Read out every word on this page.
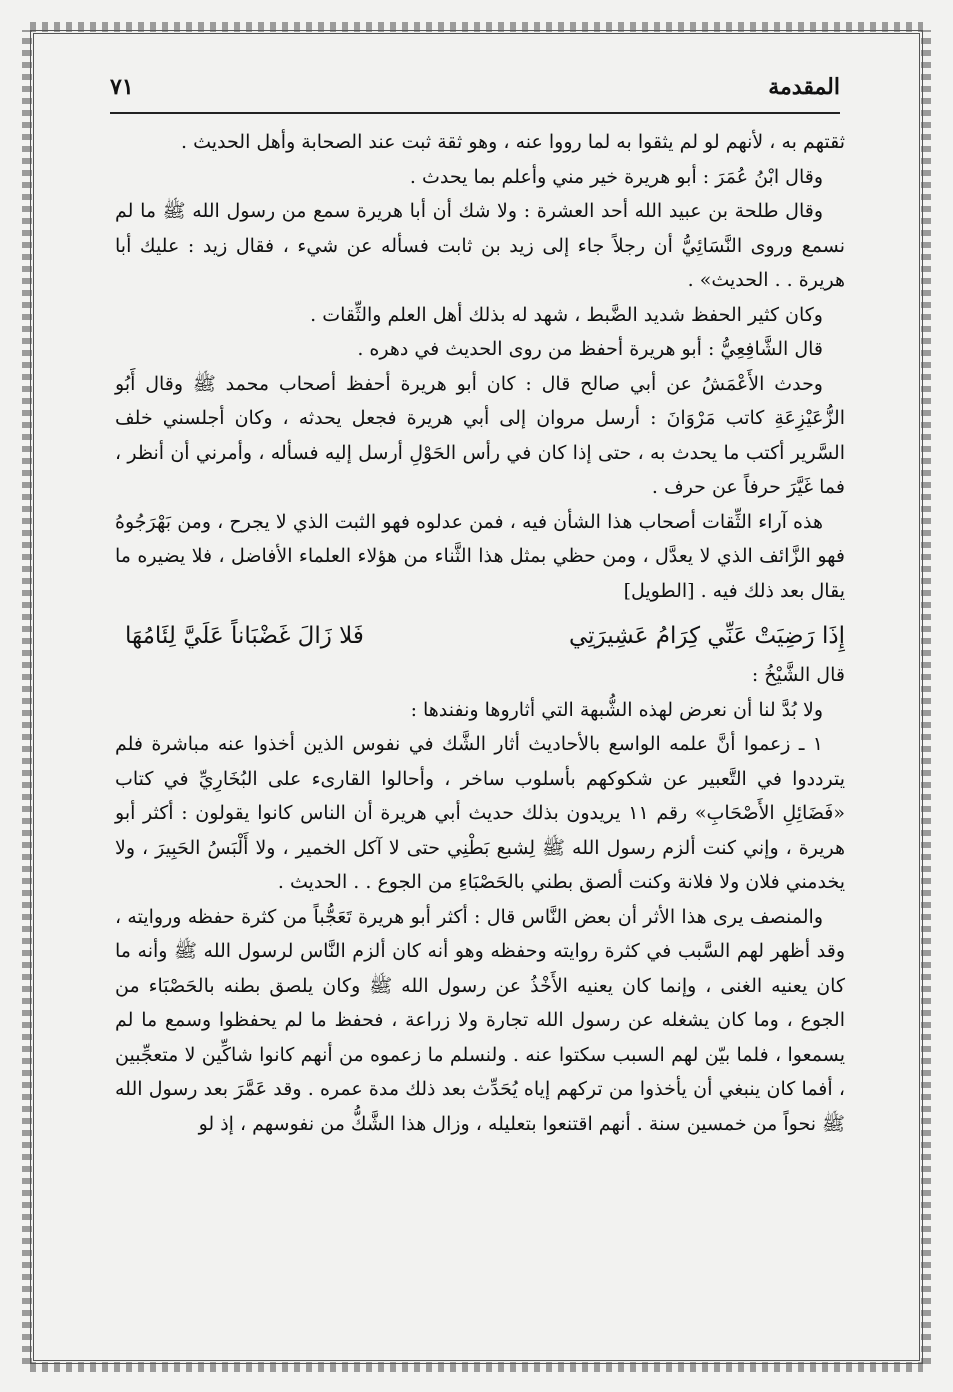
المقدمة
٧١

ثقتهم به ، لأنهم لو لم يثقوا به لما رووا عنه ، وهو ثقة ثبت عند الصحابة وأهل الحديث .

وقال ابْنُ عُمَرَ : أبو هريرة خير مني وأعلم بما يحدث .

وقال طلحة بن عبيد الله أحد العشرة : ولا شك أن أبا هريرة سمع من رسول الله ﷺ ما لم نسمع وروى النَّسَائِيُّ أن رجلاً جاء إلى زيد بن ثابت فسأله عن شيء ، فقال زيد : عليك أبا هريرة . . الحديث» .

وكان كثير الحفظ شديد الضَّبط ، شهد له بذلك أهل العلم والثِّقات .

قال الشَّافِعِيُّ : أبو هريرة أحفظ من روى الحديث في دهره .

وحدث الأَعْمَشُ عن أبي صالح قال : كان أبو هريرة أحفظ أصحاب محمد ﷺ وقال أَبُو الزُّعَيْزِعَةِ كاتب مَرْوَانَ : أرسل مروان إلى أبي هريرة فجعل يحدثه ، وكان أجلسني خلف السَّرير أكتب ما يحدث به ، حتى إذا كان في رأس الحَوْلِ أرسل إليه فسأله ، وأمرني أن أنظر ، فما غَيَّرَ حرفاً عن حرف .

هذه آراء الثِّقات أصحاب هذا الشأن فيه ، فمن عدلوه فهو الثبت الذي لا يجرح ، ومن بَهْرَجُوهُ فهو الزَّائف الذي لا يعدَّل ، ومن حظي بمثل هذا الثَّناء من هؤلاء العلماء الأفاضل ، فلا يضيره ما يقال بعد ذلك فيه . [الطويل]

إِذَا رَضِيَتْ عَنِّي كِرَامُ عَشِيرَتِي
فَلا زَالَ غَضْبَاناً عَلَيَّ لِئَامُهَا

قال الشَّيْخُ :

ولا بُدَّ لنا أن نعرض لهذه الشُّبهة التي أثاروها ونفندها :

١ ـ زعموا أنَّ علمه الواسع بالأحاديث أثار الشَّك في نفوس الذين أخذوا عنه مباشرة فلم يترددوا في التَّعبير عن شكوكهم بأسلوب ساخر ، وأحالوا القارىء على البُخَارِيِّ في كتاب «فَضَائِلِ الأَصْحَابِ» رقم ١١ يريدون بذلك حديث أبي هريرة أن الناس كانوا يقولون : أكثر أبو هريرة ، وإني كنت ألزم رسول الله ﷺ لِشبع بَطْنِي حتى لا آكل الخمير ، ولا أَلْبَسُ الحَبِيرَ ، ولا يخدمني فلان ولا فلانة وكنت ألصق بطني بالحَصْبَاءِ من الجوع . . الحديث .

والمنصف يرى هذا الأثر أن بعض النَّاس قال : أكثر أبو هريرة تَعَجُّباً من كثرة حفظه وروايته ، وقد أظهر لهم السَّبب في كثرة روايته وحفظه وهو أنه كان ألزم النَّاس لرسول الله ﷺ وأنه ما كان يعنيه الغنى ، وإنما كان يعنيه الأَخْذُ عن رسول الله ﷺ وكان يلصق بطنه بالحَصْبَاء من الجوع ، وما كان يشغله عن رسول الله تجارة ولا زراعة ، فحفظ ما لم يحفظوا وسمع ما لم يسمعوا ، فلما بيّن لهم السبب سكتوا عنه . ولنسلم ما زعموه من أنهم كانوا شاكِّين لا متعجِّبين ، أفما كان ينبغي أن يأخذوا من تركهم إياه يُحَدِّث بعد ذلك مدة عمره . وقد عَمَّرَ بعد رسول الله ﷺ نحواً من خمسين سنة . أنهم اقتنعوا بتعليله ، وزال هذا الشَّكُّ من نفوسهم ، إذ لو
